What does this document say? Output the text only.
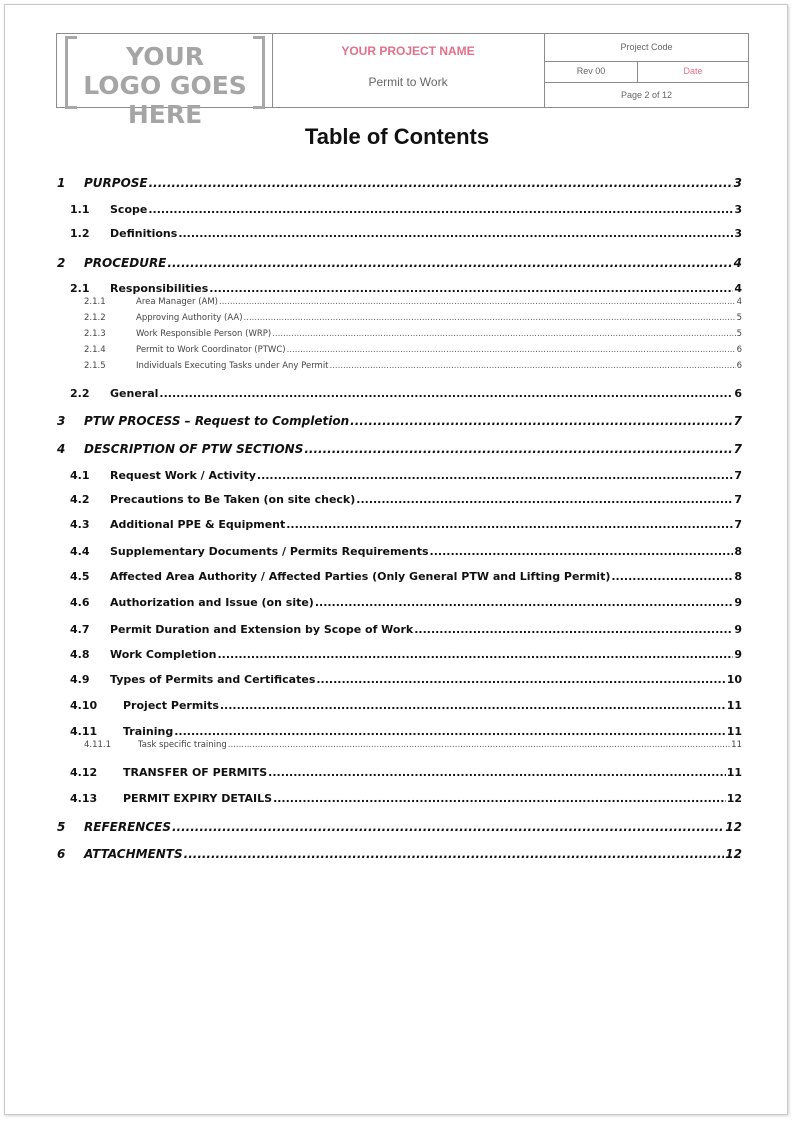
YOUR LOGO GOES HERE
YOUR PROJECT NAME
Permit to Work
Project Code
Rev 00	Date
Page 2 of 12
Table of Contents
1	PURPOSE .....	3
1.1	Scope .....	3
1.2	Definitions .....	3
2	PROCEDURE .....	4
2.1	Responsibilities .....	4
2.1.1	Area Manager (AM) .....	4
2.1.2	Approving Authority (AA) .....	5
2.1.3	Work Responsible Person (WRP) .....	5
2.1.4	Permit to Work Coordinator (PTWC) .....	6
2.1.5	Individuals Executing Tasks under Any Permit .....	6
2.2	General .....	6
3	PTW PROCESS – Request to Completion .....	7
4	DESCRIPTION OF PTW SECTIONS .....	7
4.1	Request Work / Activity .....	7
4.2	Precautions to Be Taken (on site check) .....	7
4.3	Additional PPE & Equipment .....	7
4.4	Supplementary Documents / Permits Requirements .....	8
4.5	Affected Area Authority / Affected Parties (Only General PTW and Lifting Permit) .....	8
4.6	Authorization and Issue (on site) .....	9
4.7	Permit Duration and Extension by Scope of Work .....	9
4.8	Work Completion .....	9
4.9	Types of Permits and Certificates .....	10
4.10	Project Permits .....	11
4.11	Training .....	11
4.11.1	Task specific training .....	11
4.12	TRANSFER OF PERMITS .....	11
4.13	PERMIT EXPIRY DETAILS .....	12
5	REFERENCES .....	12
6	ATTACHMENTS .....	12
